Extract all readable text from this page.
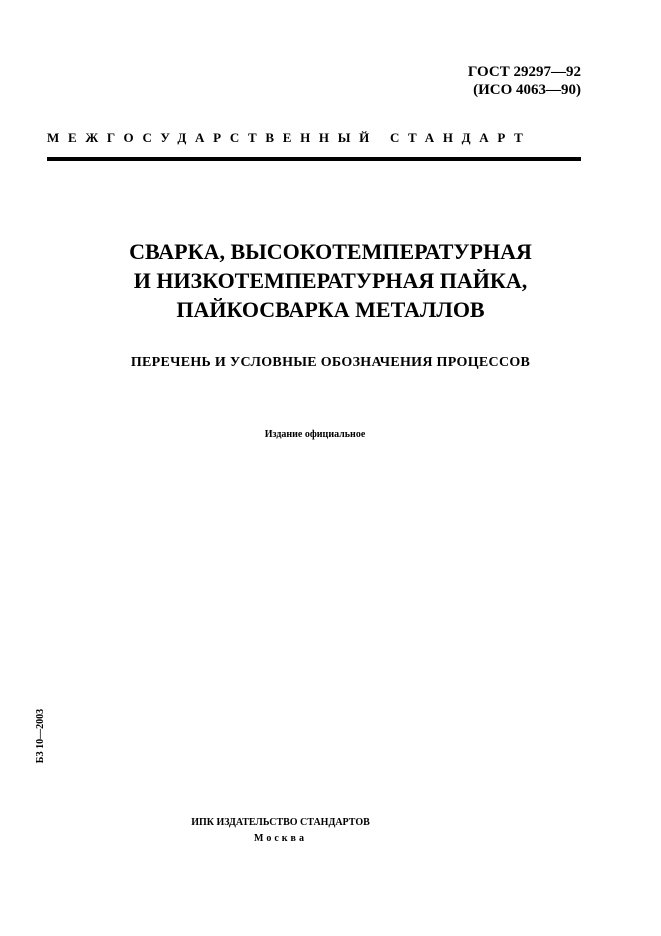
ГОСТ 29297—92
(ИСО 4063—90)
МЕЖГОСУДАРСТВЕННЫЙ СТАНДАРТ
СВАРКА, ВЫСОКОТЕМПЕРАТУРНАЯ
И НИЗКОТЕМПЕРАТУРНАЯ ПАЙКА,
ПАЙКОСВАРКА МЕТАЛЛОВ
ПЕРЕЧЕНЬ И УСЛОВНЫЕ ОБОЗНАЧЕНИЯ ПРОЦЕССОВ
Издание официальное
БЗ 10—2003
ИПК ИЗДАТЕЛЬСТВО СТАНДАРТОВ
Москва
